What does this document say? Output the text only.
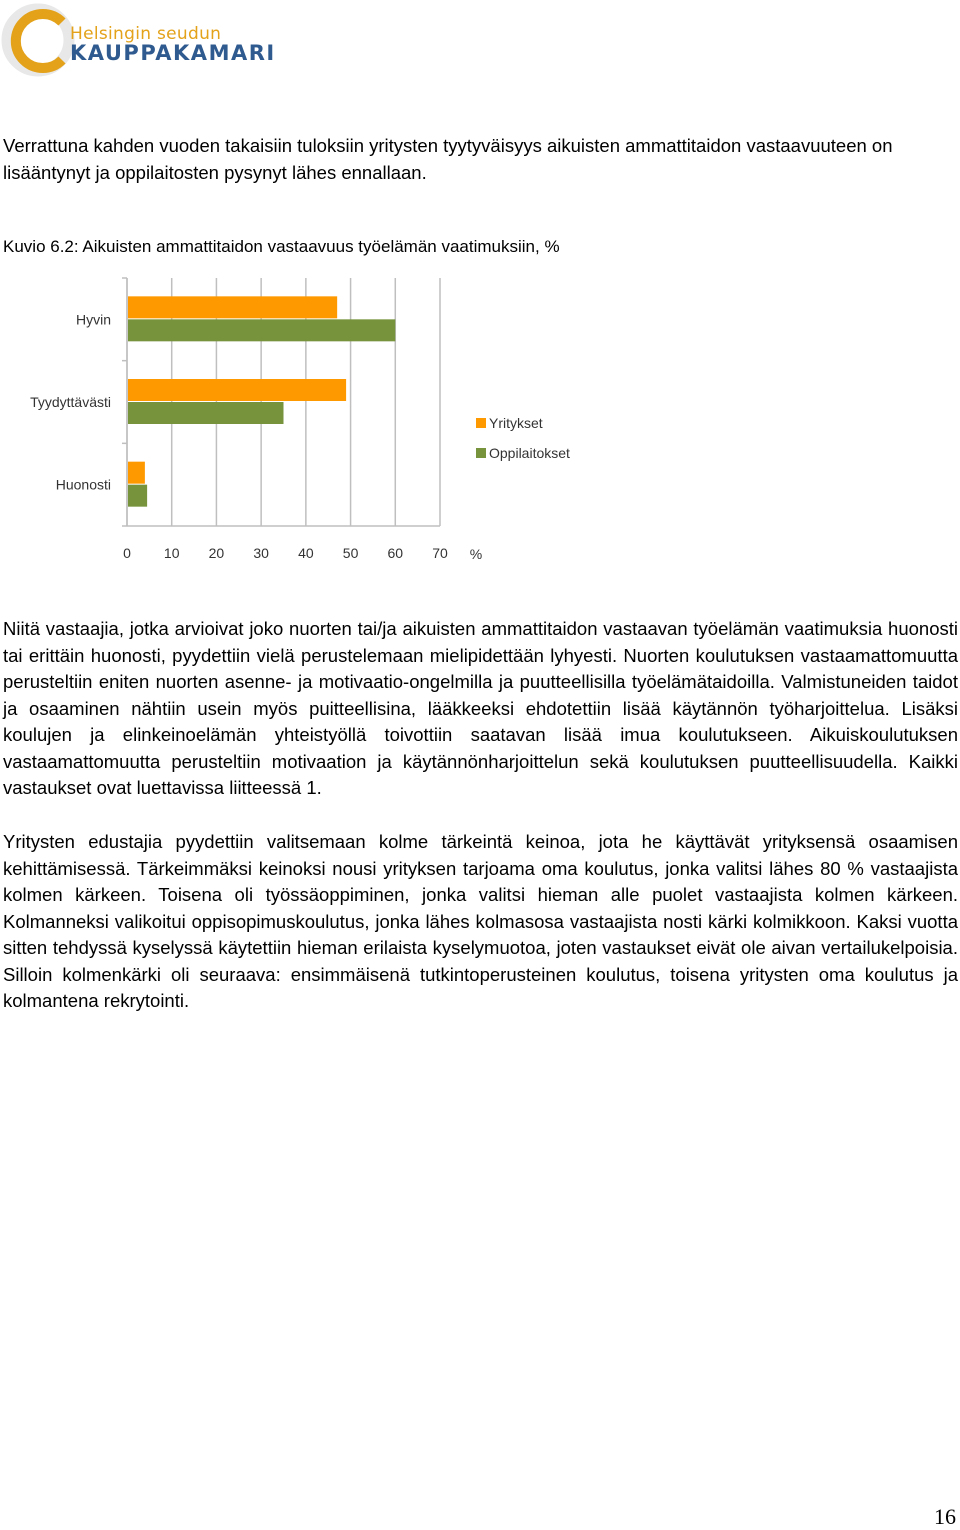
Helsingin seudun
KAUPPAKAMARI

Verrattuna kahden vuoden takaisiin tuloksiin yritysten tyytyväisyys aikuisten ammattitaidon vastaavuuteen on lisääntynyt ja oppilaitosten pysynyt lähes ennallaan.

Kuvio 6.2: Aikuisten ammattitaidon vastaavuus työelämän vaatimuksiin, %

0 10 20 30 40 50 60 70 %
Hyvin
Tyydyttävästi
Huonosti
Yritykset
Oppilaitokset

Niitä vastaajia, jotka arvioivat joko nuorten tai/ja aikuisten ammattitaidon vastaavan työelämän vaatimuksia huonosti tai erittäin huonosti, pyydettiin vielä perustelemaan mielipidettään lyhyesti. Nuorten koulutuksen vastaamattomuutta perusteltiin eniten nuorten asenne- ja motivaatio-ongelmilla ja puutteellisilla työelämätaidoilla. Valmistuneiden taidot ja osaaminen nähtiin usein myös puitteellisina, lääkkeeksi ehdotettiin lisää käytännön työharjoittelua. Lisäksi koulujen ja elinkeinoelämän yhteistyöllä toivottiin saatavan lisää imua koulutukseen. Aikuiskoulutuksen vastaamattomuutta perusteltiin motivaation ja käytännönharjoittelun sekä koulutuksen puutteellisuudella. Kaikki vastaukset ovat luettavissa liitteessä 1.

Yritysten edustajia pyydettiin valitsemaan kolme tärkeintä keinoa, jota he käyttävät yrityksensä osaamisen kehittämisessä. Tärkeimmäksi keinoksi nousi yrityksen tarjoama oma koulutus, jonka valitsi lähes 80 % vastaajista kolmen kärkeen. Toisena oli työssäoppiminen, jonka valitsi hieman alle puolet vastaajista kolmen kärkeen. Kolmanneksi valikoitui oppisopimuskoulutus, jonka lähes kolmasosa vastaajista nosti kärki kolmikkoon. Kaksi vuotta sitten tehdyssä kyselyssä käytettiin hieman erilaista kyselymuotoa, joten vastaukset eivät ole aivan vertailukelpoisia. Silloin kolmenkärki oli seuraava: ensimmäisenä tutkintoperusteinen koulutus, toisena yritysten oma koulutus ja kolmantena rekrytointi.

16
